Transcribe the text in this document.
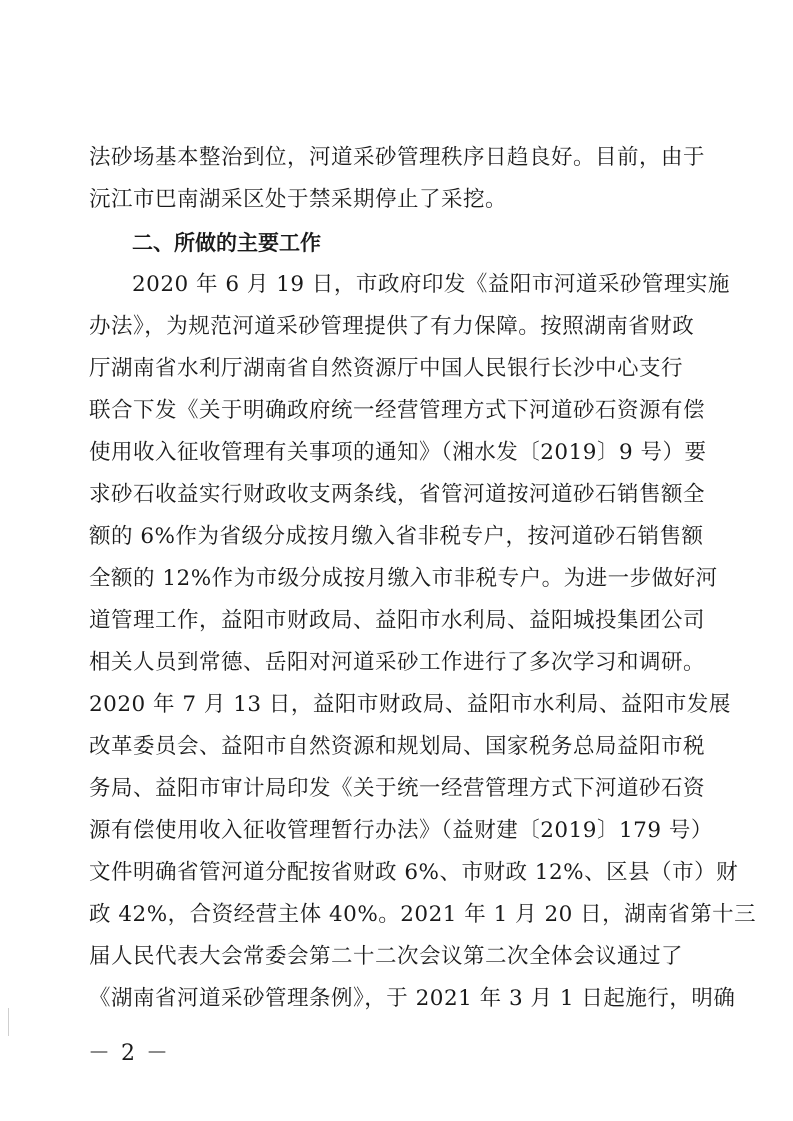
法砂场基本整治到位，河道采砂管理秩序日趋良好。目前，由于
沅江市巴南湖采区处于禁采期停止了采挖。
二、所做的主要工作
2020 年 6 月 19 日，市政府印发《益阳市河道采砂管理实施
办法》，为规范河道采砂管理提供了有力保障。按照湖南省财政
厅湖南省水利厅湖南省自然资源厅中国人民银行长沙中心支行
联合下发《关于明确政府统一经营管理方式下河道砂石资源有偿
使用收入征收管理有关事项的通知》（湘水发〔2019〕9 号）要
求砂石收益实行财政收支两条线，省管河道按河道砂石销售额全
额的 6%作为省级分成按月缴入省非税专户，按河道砂石销售额
全额的 12%作为市级分成按月缴入市非税专户。为进一步做好河
道管理工作，益阳市财政局、益阳市水利局、益阳城投集团公司
相关人员到常德、岳阳对河道采砂工作进行了多次学习和调研。
2020 年 7 月 13 日，益阳市财政局、益阳市水利局、益阳市发展
改革委员会、益阳市自然资源和规划局、国家税务总局益阳市税
务局、益阳市审计局印发《关于统一经营管理方式下河道砂石资
源有偿使用收入征收管理暂行办法》（益财建〔2019〕179 号）
文件明确省管河道分配按省财政 6%、市财政 12%、区县（市）财
政 42%，合资经营主体 40%。2021 年 1 月 20 日，湖南省第十三
届人民代表大会常委会第二十二次会议第二次全体会议通过了
《湖南省河道采砂管理条例》，于 2021 年 3 月 1 日起施行，明确
－ 2 －
